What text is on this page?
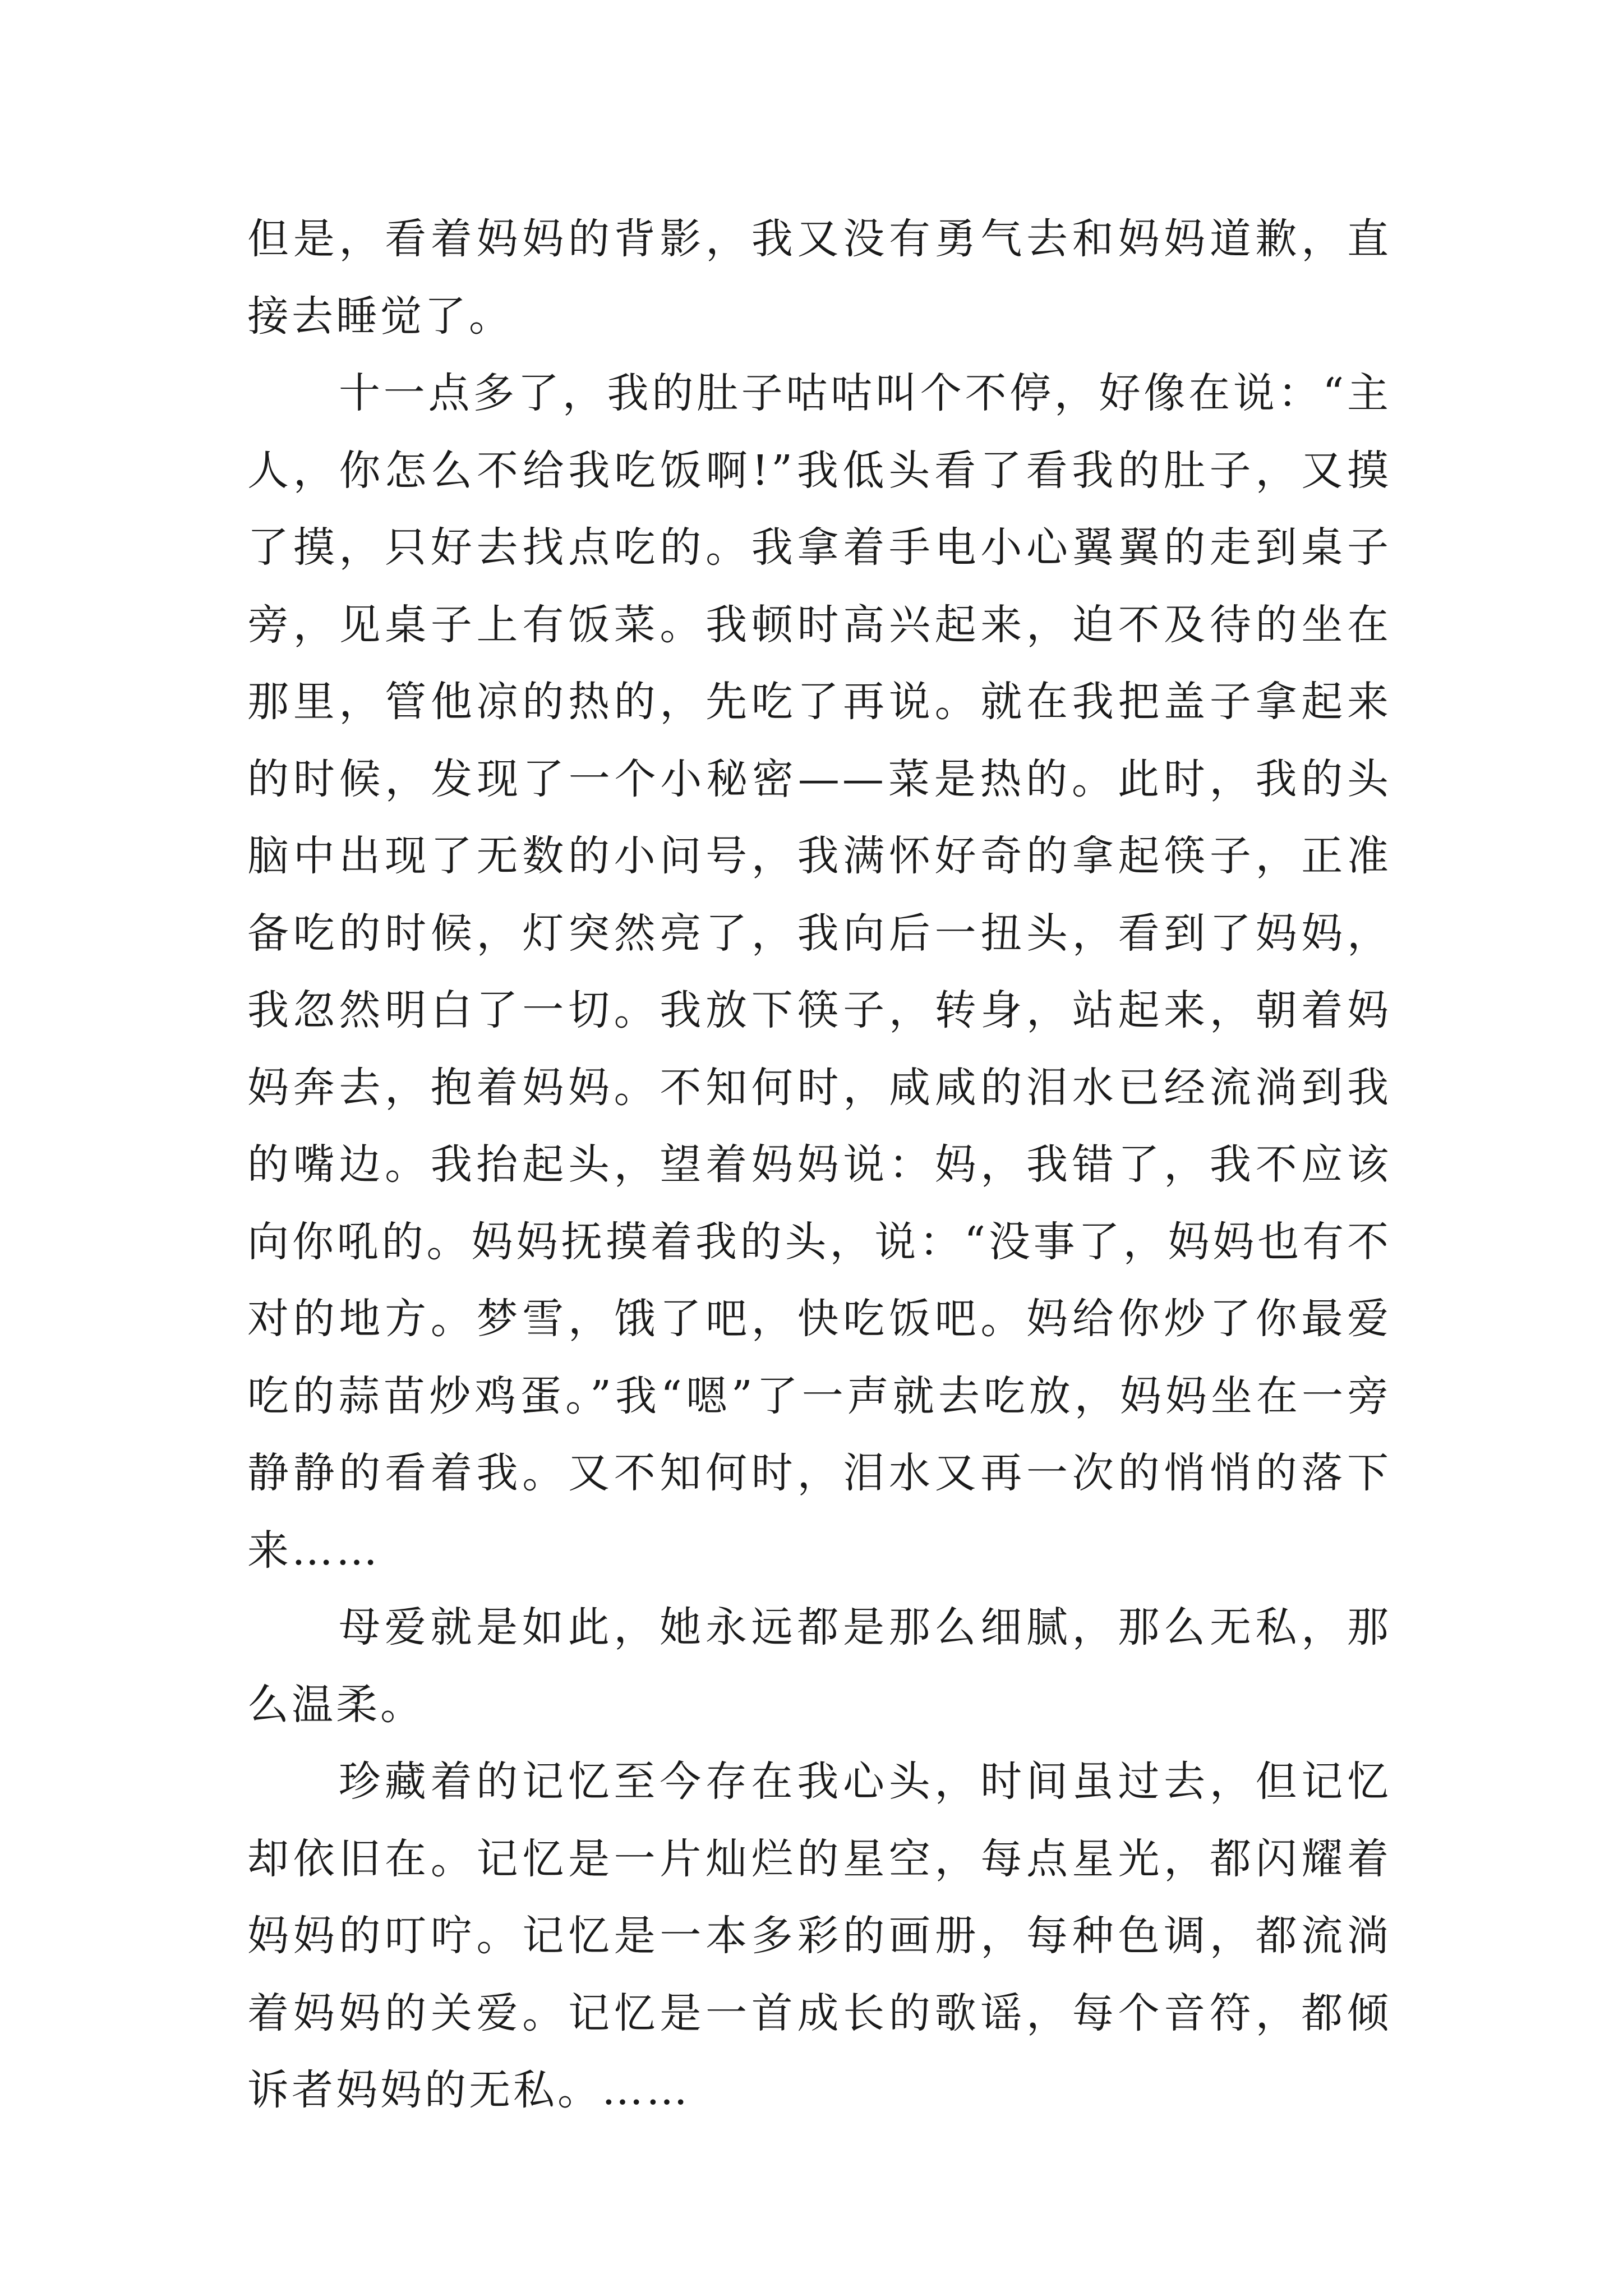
但是，看着妈妈的背影，我又没有勇气去和妈妈道歉，直接去睡觉了。

十一点多了，我的肚子咕咕叫个不停，好像在说：“主人，你怎么不给我吃饭啊!”我低头看了看我的肚子，又摸了摸，只好去找点吃的。我拿着手电小心翼翼的走到桌子旁，见桌子上有饭菜。我顿时高兴起来，迫不及待的坐在那里，管他凉的热的，先吃了再说。就在我把盖子拿起来的时候，发现了一个小秘密——菜是热的。此时，我的头脑中出现了无数的小问号，我满怀好奇的拿起筷子，正准备吃的时候，灯突然亮了，我向后一扭头，看到了妈妈，我忽然明白了一切。我放下筷子，转身，站起来，朝着妈妈奔去，抱着妈妈。不知何时，咸咸的泪水已经流淌到我的嘴边。我抬起头，望着妈妈说：妈，我错了，我不应该向你吼的。妈妈抚摸着我的头，说：“没事了，妈妈也有不对的地方。梦雪，饿了吧，快吃饭吧。妈给你炒了你最爱吃的蒜苗炒鸡蛋。”我“嗯”了一声就去吃放，妈妈坐在一旁静静的看着我。又不知何时，泪水又再一次的悄悄的落下来……

母爱就是如此，她永远都是那么细腻，那么无私，那么温柔。

珍藏着的记忆至今存在我心头，时间虽过去，但记忆却依旧在。记忆是一片灿烂的星空，每点星光，都闪耀着妈妈的叮咛。记忆是一本多彩的画册，每种色调，都流淌着妈妈的关爱。记忆是一首成长的歌谣，每个音符，都倾诉者妈妈的无私。……
